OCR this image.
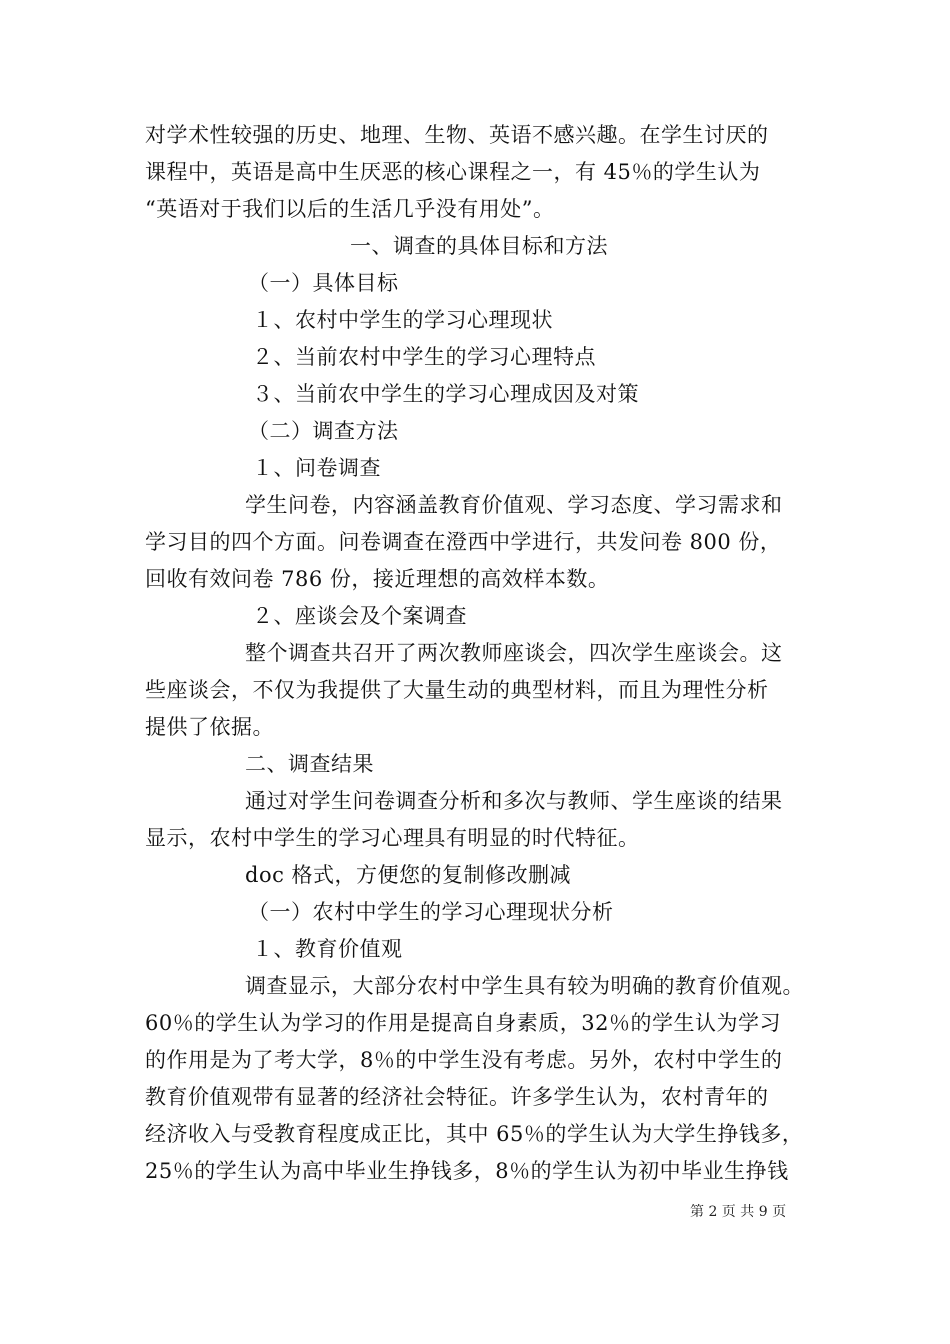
对学术性较强的历史、地理、生物、英语不感兴趣。在学生讨厌的
课程中，英语是高中生厌恶的核心课程之一，有 45％的学生认为
“英语对于我们以后的生活几乎没有用处”。
一、调查的具体目标和方法
（一）具体目标
１、农村中学生的学习心理现状
２、当前农村中学生的学习心理特点
３、当前农中学生的学习心理成因及对策
（二）调查方法
１、问卷调查
学生问卷，内容涵盖教育价值观、学习态度、学习需求和
学习目的四个方面。问卷调查在澄西中学进行，共发问卷 800 份，
回收有效问卷 786 份，接近理想的高效样本数。
２、座谈会及个案调查
整个调查共召开了两次教师座谈会，四次学生座谈会。这
些座谈会，不仅为我提供了大量生动的典型材料，而且为理性分析
提供了依据。
二、调查结果
通过对学生问卷调查分析和多次与教师、学生座谈的结果
显示，农村中学生的学习心理具有明显的时代特征。
doc 格式，方便您的复制修改删减
（一）农村中学生的学习心理现状分析
１、教育价值观
调查显示，大部分农村中学生具有较为明确的教育价值观。
60％的学生认为学习的作用是提高自身素质，32％的学生认为学习
的作用是为了考大学，8％的中学生没有考虑。另外，农村中学生的
教育价值观带有显著的经济社会特征。许多学生认为，农村青年的
经济收入与受教育程度成正比，其中 65％的学生认为大学生挣钱多，
25％的学生认为高中毕业生挣钱多，8％的学生认为初中毕业生挣钱
第 2 页 共 9 页
